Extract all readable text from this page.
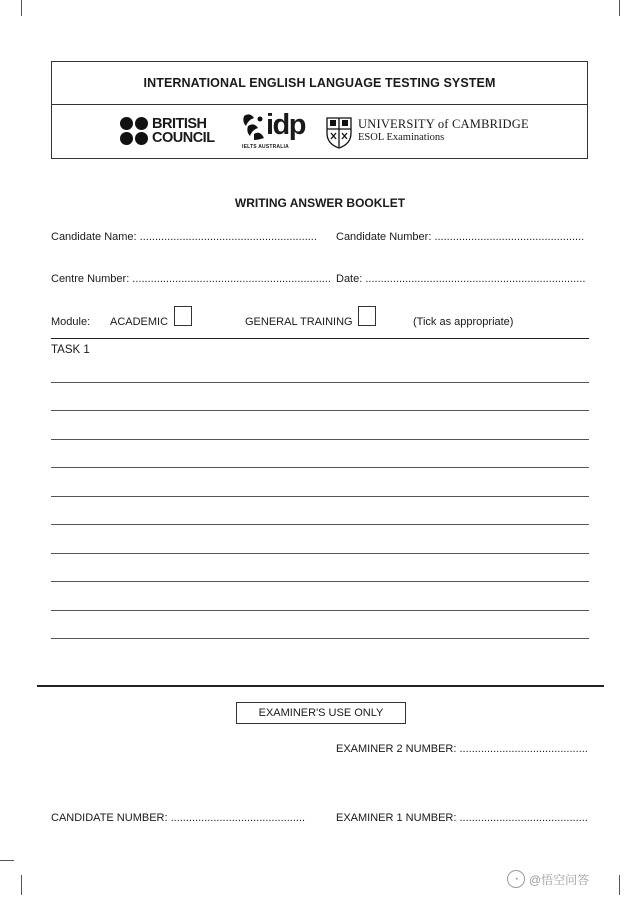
INTERNATIONAL ENGLISH LANGUAGE TESTING SYSTEM
BRITISH
COUNCIL idp
IELTS AUSTRALIA
UNIVERSITY of CAMBRIDGE
ESOL Examinations
WRITING ANSWER BOOKLET
Candidate Name: .......................................................... Candidate Number: .................................................
Centre Number: ................................................................. Date: ........................................................................
Module: ACADEMIC	GENERAL TRAINING	(Tick as appropriate)
TASK 1
EXAMINER'S USE ONLY
EXAMINER 2 NUMBER: ..........................................
CANDIDATE NUMBER: ............................................	EXAMINER 1 NUMBER: ..........................................
◔ @悟空问答
